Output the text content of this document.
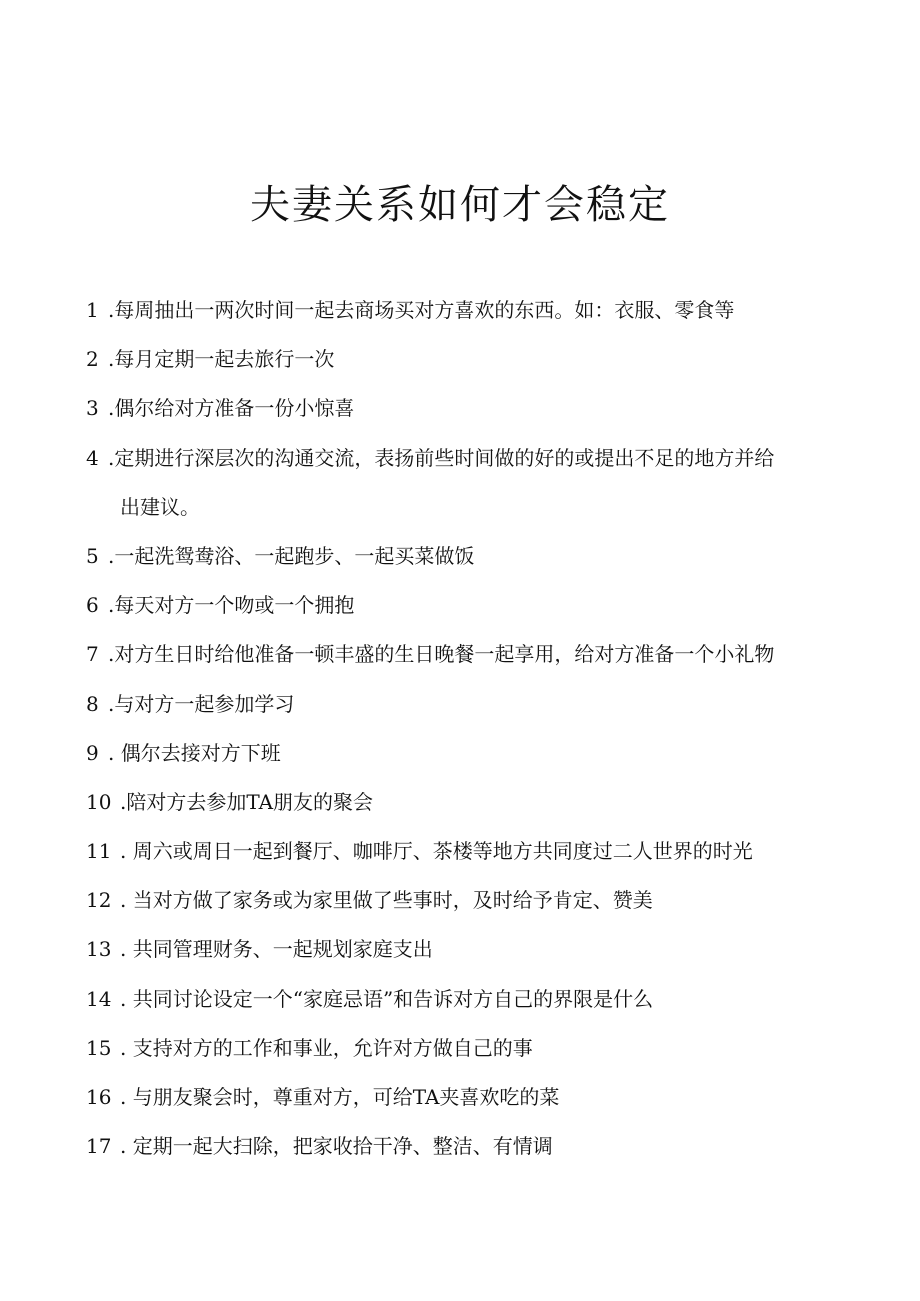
夫妻关系如何才会稳定
1 .每周抽出一两次时间一起去商场买对方喜欢的东西。如：衣服、零食等
2 .每月定期一起去旅行一次
3 .偶尔给对方准备一份小惊喜
4 .定期进行深层次的沟通交流，表扬前些时间做的好的或提出不足的地方并给
出建议。
5 .一起洗鸳鸯浴、一起跑步、一起买菜做饭
6 .每天对方一个吻或一个拥抱
7 .对方生日时给他准备一顿丰盛的生日晚餐一起享用，给对方准备一个小礼物
8 .与对方一起参加学习
9 . 偶尔去接对方下班
10 .陪对方去参加TA朋友的聚会
11 . 周六或周日一起到餐厅、咖啡厅、茶楼等地方共同度过二人世界的时光
12 . 当对方做了家务或为家里做了些事时，及时给予肯定、赞美
13 . 共同管理财务、一起规划家庭支出
14 . 共同讨论设定一个“家庭忌语”和告诉对方自己的界限是什么
15 . 支持对方的工作和事业，允许对方做自己的事
16 . 与朋友聚会时，尊重对方，可给TA夹喜欢吃的菜
17 . 定期一起大扫除，把家收拾干净、整洁、有情调
